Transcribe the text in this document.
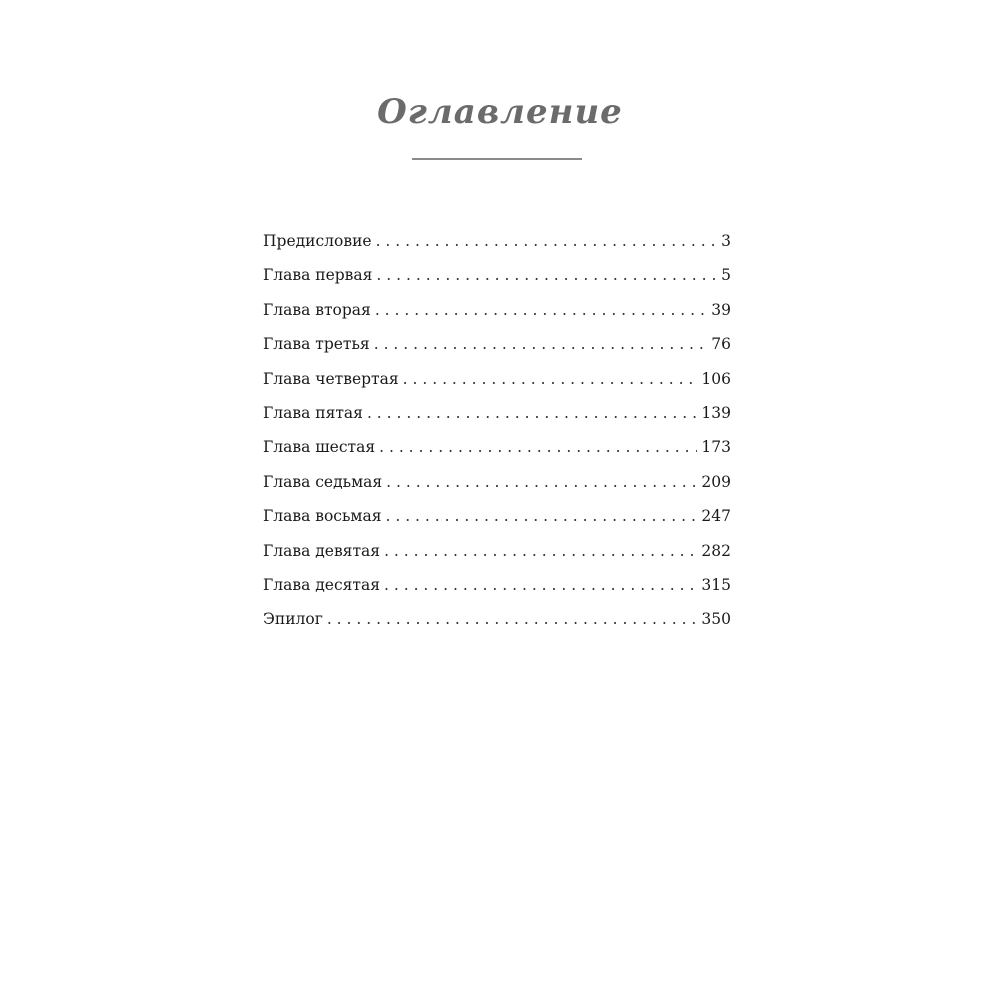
Оглавление
Предисловие . . .	3
Глава первая . . .	5
Глава вторая . . .	39
Глава третья . . .	76
Глава четвертая . . .	106
Глава пятая . . .	139
Глава шестая . . .	173
Глава седьмая . . .	209
Глава восьмая . . .	247
Глава девятая . . .	282
Глава десятая . . .	315
Эпилог . . .	350
